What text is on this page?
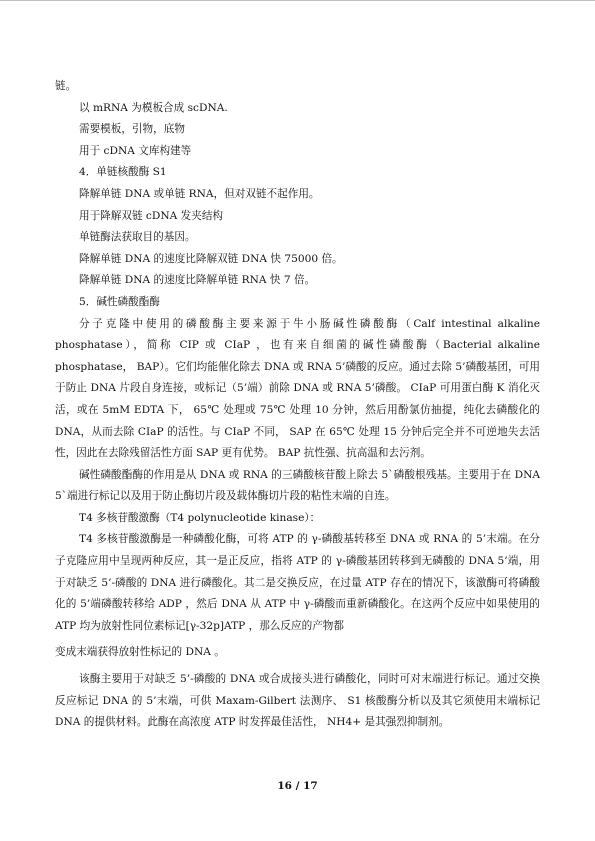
链。

以 mRNA 为模板合成 scDNA.

需要模板，引物，底物

用于 cDNA 文库构建等

4．单链核酸酶 S1

降解单链 DNA 或单链 RNA，但对双链不起作用。

用于降解双链 cDNA 发夹结构

单链酶法获取目的基因。

降解单链 DNA 的速度比降解双链 DNA 快 75000 倍。

降解单链 DNA 的速度比降解单链 RNA 快 7 倍。

5．碱性磷酸酯酶

分子克隆中使用的磷酸酶主要来源于牛小肠碱性磷酸酶（Calf intestinal alkaline phosphatase），简称 CIP 或 CIaP ，也有来自细菌的碱性磷酸酶（Bacterial alkaline phosphatase， BAP）。它们均能催化除去 DNA 或 RNA 5’磷酸的反应。通过去除 5’磷酸基团，可用于防止 DNA 片段自身连接，或标记（5’端）前除 DNA 或 RNA 5’磷酸。 CIaP 可用蛋白酶 K 消化灭活，或在 5mM EDTA 下， 65℃ 处理或 75℃ 处理 10 分钟，然后用酚氯仿抽提，纯化去磷酸化的 DNA，从而去除 CIaP 的活性。与 CIaP 不同， SAP 在 65℃ 处理 15 分钟后完全并不可逆地失去活性，因此在去除残留活性方面 SAP 更有优势。 BAP 抗性强、抗高温和去污剂。

碱性磷酸酯酶的作用是从 DNA 或 RNA 的三磷酸核苷酸上除去 5`磷酸根残基。主要用于在 DNA 5`端进行标记以及用于防止酶切片段及载体酶切片段的粘性末端的自连。

T4 多核苷酸激酶（T4 polynucleotide kinase）：

T4 多核苷酸激酶是一种磷酸化酶，可将 ATP 的 γ-磷酸基转移至 DNA 或 RNA 的 5’末端。在分子克隆应用中呈现两种反应，其一是正反应，指将 ATP 的 γ-磷酸基团转移到无磷酸的 DNA 5’端，用于对缺乏 5’-磷酸的 DNA 进行磷酸化。其二是交换反应，在过量 ATP 存在的情况下，该激酶可将磷酸化的 5’端磷酸转移给 ADP ，然后 DNA 从 ATP 中 γ-磷酸而重新磷酸化。在这两个反应中如果使用的 ATP 均为放射性同位素标记[γ-32p]ATP ，那么反应的产物都

变成末端获得放射性标记的 DNA 。

该酶主要用于对缺乏 5’-磷酸的 DNA 或合成接头进行磷酸化，同时可对末端进行标记。通过交换反应标记 DNA 的 5’末端，可供 Maxam-Gilbert 法测序、 S1 核酸酶分析以及其它须使用末端标记 DNA 的提供材料。此酶在高浓度 ATP 时发挥最佳活性， NH4+ 是其强烈抑制剂。

16 / 17
